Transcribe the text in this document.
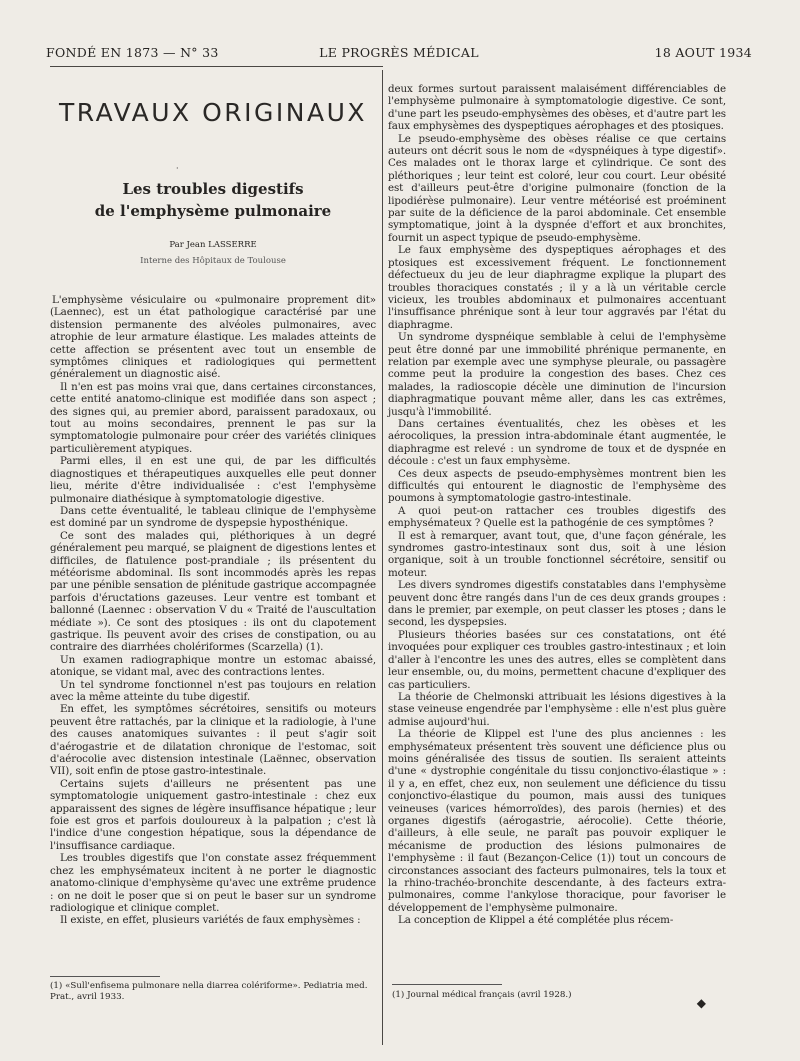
FONDÉ EN 1873 — N° 33	LE PROGRÈS MÉDICAL	18 AOUT 1934
TRAVAUX ORIGINAUX
·
Les troubles digestifs
de l'emphysème pulmonaire
Par Jean LASSERRE
Interne des Hôpitaux de Toulouse

L'emphysème vésiculaire ou «pulmonaire proprement dit» (Laennec), est un état pathologique caractérisé par une distension permanente des alvéoles pulmonaires, avec atrophie de leur armature élastique. Les malades atteints de cette affection se présentent avec tout un ensemble de symptômes cliniques et radiologiques qui permettent généralement un diagnostic aisé.

Il n'en est pas moins vrai que, dans certaines circonstances, cette entité anatomo-clinique est modifiée dans son aspect ; des signes qui, au premier abord, paraissent paradoxaux, ou tout au moins secondaires, prennent le pas sur la symptomatologie pulmonaire pour créer des variétés cliniques particulièrement atypiques.

Parmi elles, il en est une qui, de par les difficultés diagnostiques et thérapeutiques auxquelles elle peut donner lieu, mérite d'être individualisée : c'est l'emphysème pulmonaire diathésique à symptomatologie digestive.

Dans cette éventualité, le tableau clinique de l'emphysème est dominé par un syndrome de dyspepsie hyposthénique.

Ce sont des malades qui, pléthoriques à un degré généralement peu marqué, se plaignent de digestions lentes et difficiles, de flatulence post-prandiale ; ils présentent du météorisme abdominal. Ils sont incommodés après les repas par une pénible sensation de plénitude gastrique accompagnée parfois d'éructations gazeuses. Leur ventre est tombant et ballonné (Laennec : observation V du « Traité de l'auscultation médiate »). Ce sont des ptosiques : ils ont du clapotement gastrique. Ils peuvent avoir des crises de constipation, ou au contraire des diarrhées cholériformes (Scarzella) (1).

Un examen radiographique montre un estomac abaissé, atonique, se vidant mal, avec des contractions lentes.

Un tel syndrome fonctionnel n'est pas toujours en relation avec la même atteinte du tube digestif.

En effet, les symptômes sécrétoires, sensitifs ou moteurs peuvent être rattachés, par la clinique et la radiologie, à l'une des causes anatomiques suivantes : il peut s'agir soit d'aérogastrie et de dilatation chronique de l'estomac, soit d'aérocolie avec distension intestinale (Laënnec, observation VII), soit enfin de ptose gastro-intestinale.

Certains sujets d'ailleurs ne présentent pas une symptomatologie uniquement gastro-intestinale : chez eux apparaissent des signes de légère insuffisance hépatique ; leur foie est gros et parfois douloureux à la palpation ; c'est là l'indice d'une congestion hépatique, sous la dépendance de l'insuffisance cardiaque.

Les troubles digestifs que l'on constate assez fréquemment chez les emphysémateux incitent à ne porter le diagnostic anatomo-clinique d'emphysème qu'avec une extrême prudence : on ne doit le poser que si on peut le baser sur un syndrome radiologique et clinique complet.

Il existe, en effet, plusieurs variétés de faux emphysèmes :

(1) «Sull'enfisema pulmonare nella diarrea colériforme». Pediatria med. Prat., avril 1933.

deux formes surtout paraissent malaisément différenciables de l'emphysème pulmonaire à symptomatologie digestive. Ce sont, d'une part les pseudo-emphysèmes des obèses, et d'autre part les faux emphysèmes des dyspeptiques aérophages et des ptosiques.

Le pseudo-emphysème des obèses réalise ce que certains auteurs ont décrit sous le nom de «dyspnéiques à type digestif». Ces malades ont le thorax large et cylindrique. Ce sont des pléthoriques ; leur teint est coloré, leur cou court. Leur obésité est d'ailleurs peut-être d'origine pulmonaire (fonction de la lipodiérèse pulmonaire). Leur ventre météorisé est proéminent par suite de la déficience de la paroi abdominale. Cet ensemble symptomatique, joint à la dyspnée d'effort et aux bronchites, fournit un aspect typique de pseudo-emphysème.

Le faux emphysème des dyspeptiques aérophages et des ptosiques est excessivement fréquent. Le fonctionnement défectueux du jeu de leur diaphragme explique la plupart des troubles thoraciques constatés ; il y a là un véritable cercle vicieux, les troubles abdominaux et pulmonaires accentuant l'insuffisance phrénique sont à leur tour aggravés par l'état du diaphragme.

Un syndrome dyspnéique semblable à celui de l'emphysème peut être donné par une immobilité phrénique permanente, en relation par exemple avec une symphyse pleurale, ou passagère comme peut la produire la congestion des bases. Chez ces malades, la radioscopie décèle une diminution de l'incursion diaphragmatique pouvant même aller, dans les cas extrêmes, jusqu'à l'immobilité.

Dans certaines éventualités, chez les obèses et les aérocoliques, la pression intra-abdominale étant augmentée, le diaphragme est relevé : un syndrome de toux et de dyspnée en découle : c'est un faux emphysème.

Ces deux aspects de pseudo-emphysèmes montrent bien les difficultés qui entourent le diagnostic de l'emphysème des poumons à symptomatologie gastro-intestinale.

A quoi peut-on rattacher ces troubles digestifs des emphysémateux ? Quelle est la pathogénie de ces symptômes ?

Il est à remarquer, avant tout, que, d'une façon générale, les syndromes gastro-intestinaux sont dus, soit à une lésion organique, soit à un trouble fonctionnel sécrétoire, sensitif ou moteur.

Les divers syndromes digestifs constatables dans l'emphysème peuvent donc être rangés dans l'un de ces deux grands groupes : dans le premier, par exemple, on peut classer les ptoses ; dans le second, les dyspepsies.

Plusieurs théories basées sur ces constatations, ont été invoquées pour expliquer ces troubles gastro-intestinaux ; et loin d'aller à l'encontre les unes des autres, elles se complètent dans leur ensemble, ou, du moins, permettent chacune d'expliquer des cas particuliers.

La théorie de Chelmonski attribuait les lésions digestives à la stase veineuse engendrée par l'emphysème : elle n'est plus guère admise aujourd'hui.

La théorie de Klippel est l'une des plus anciennes : les emphysémateux présentent très souvent une déficience plus ou moins généralisée des tissus de soutien. Ils seraient atteints d'une « dystrophie congénitale du tissu conjonctivo-élastique » : il y a, en effet, chez eux, non seulement une déficience du tissu conjonctivo-élastique du poumon, mais aussi des tuniques veineuses (varices hémorroïdes), des parois (hernies) et des organes digestifs (aérogastrie, aérocolie). Cette théorie, d'ailleurs, à elle seule, ne paraît pas pouvoir expliquer le mécanisme de production des lésions pulmonaires de l'emphysème : il faut (Bezançon-Celice (1)) tout un concours de circonstances associant des facteurs pulmonaires, tels la toux et la rhino-trachéo-bronchite descendante, à des facteurs extra-pulmonaires, comme l'ankylose thoracique, pour favoriser le développement de l'emphysème pulmonaire.

La conception de Klippel a été complétée plus récem-

(1) Journal médical français (avril 1928.)
◆
